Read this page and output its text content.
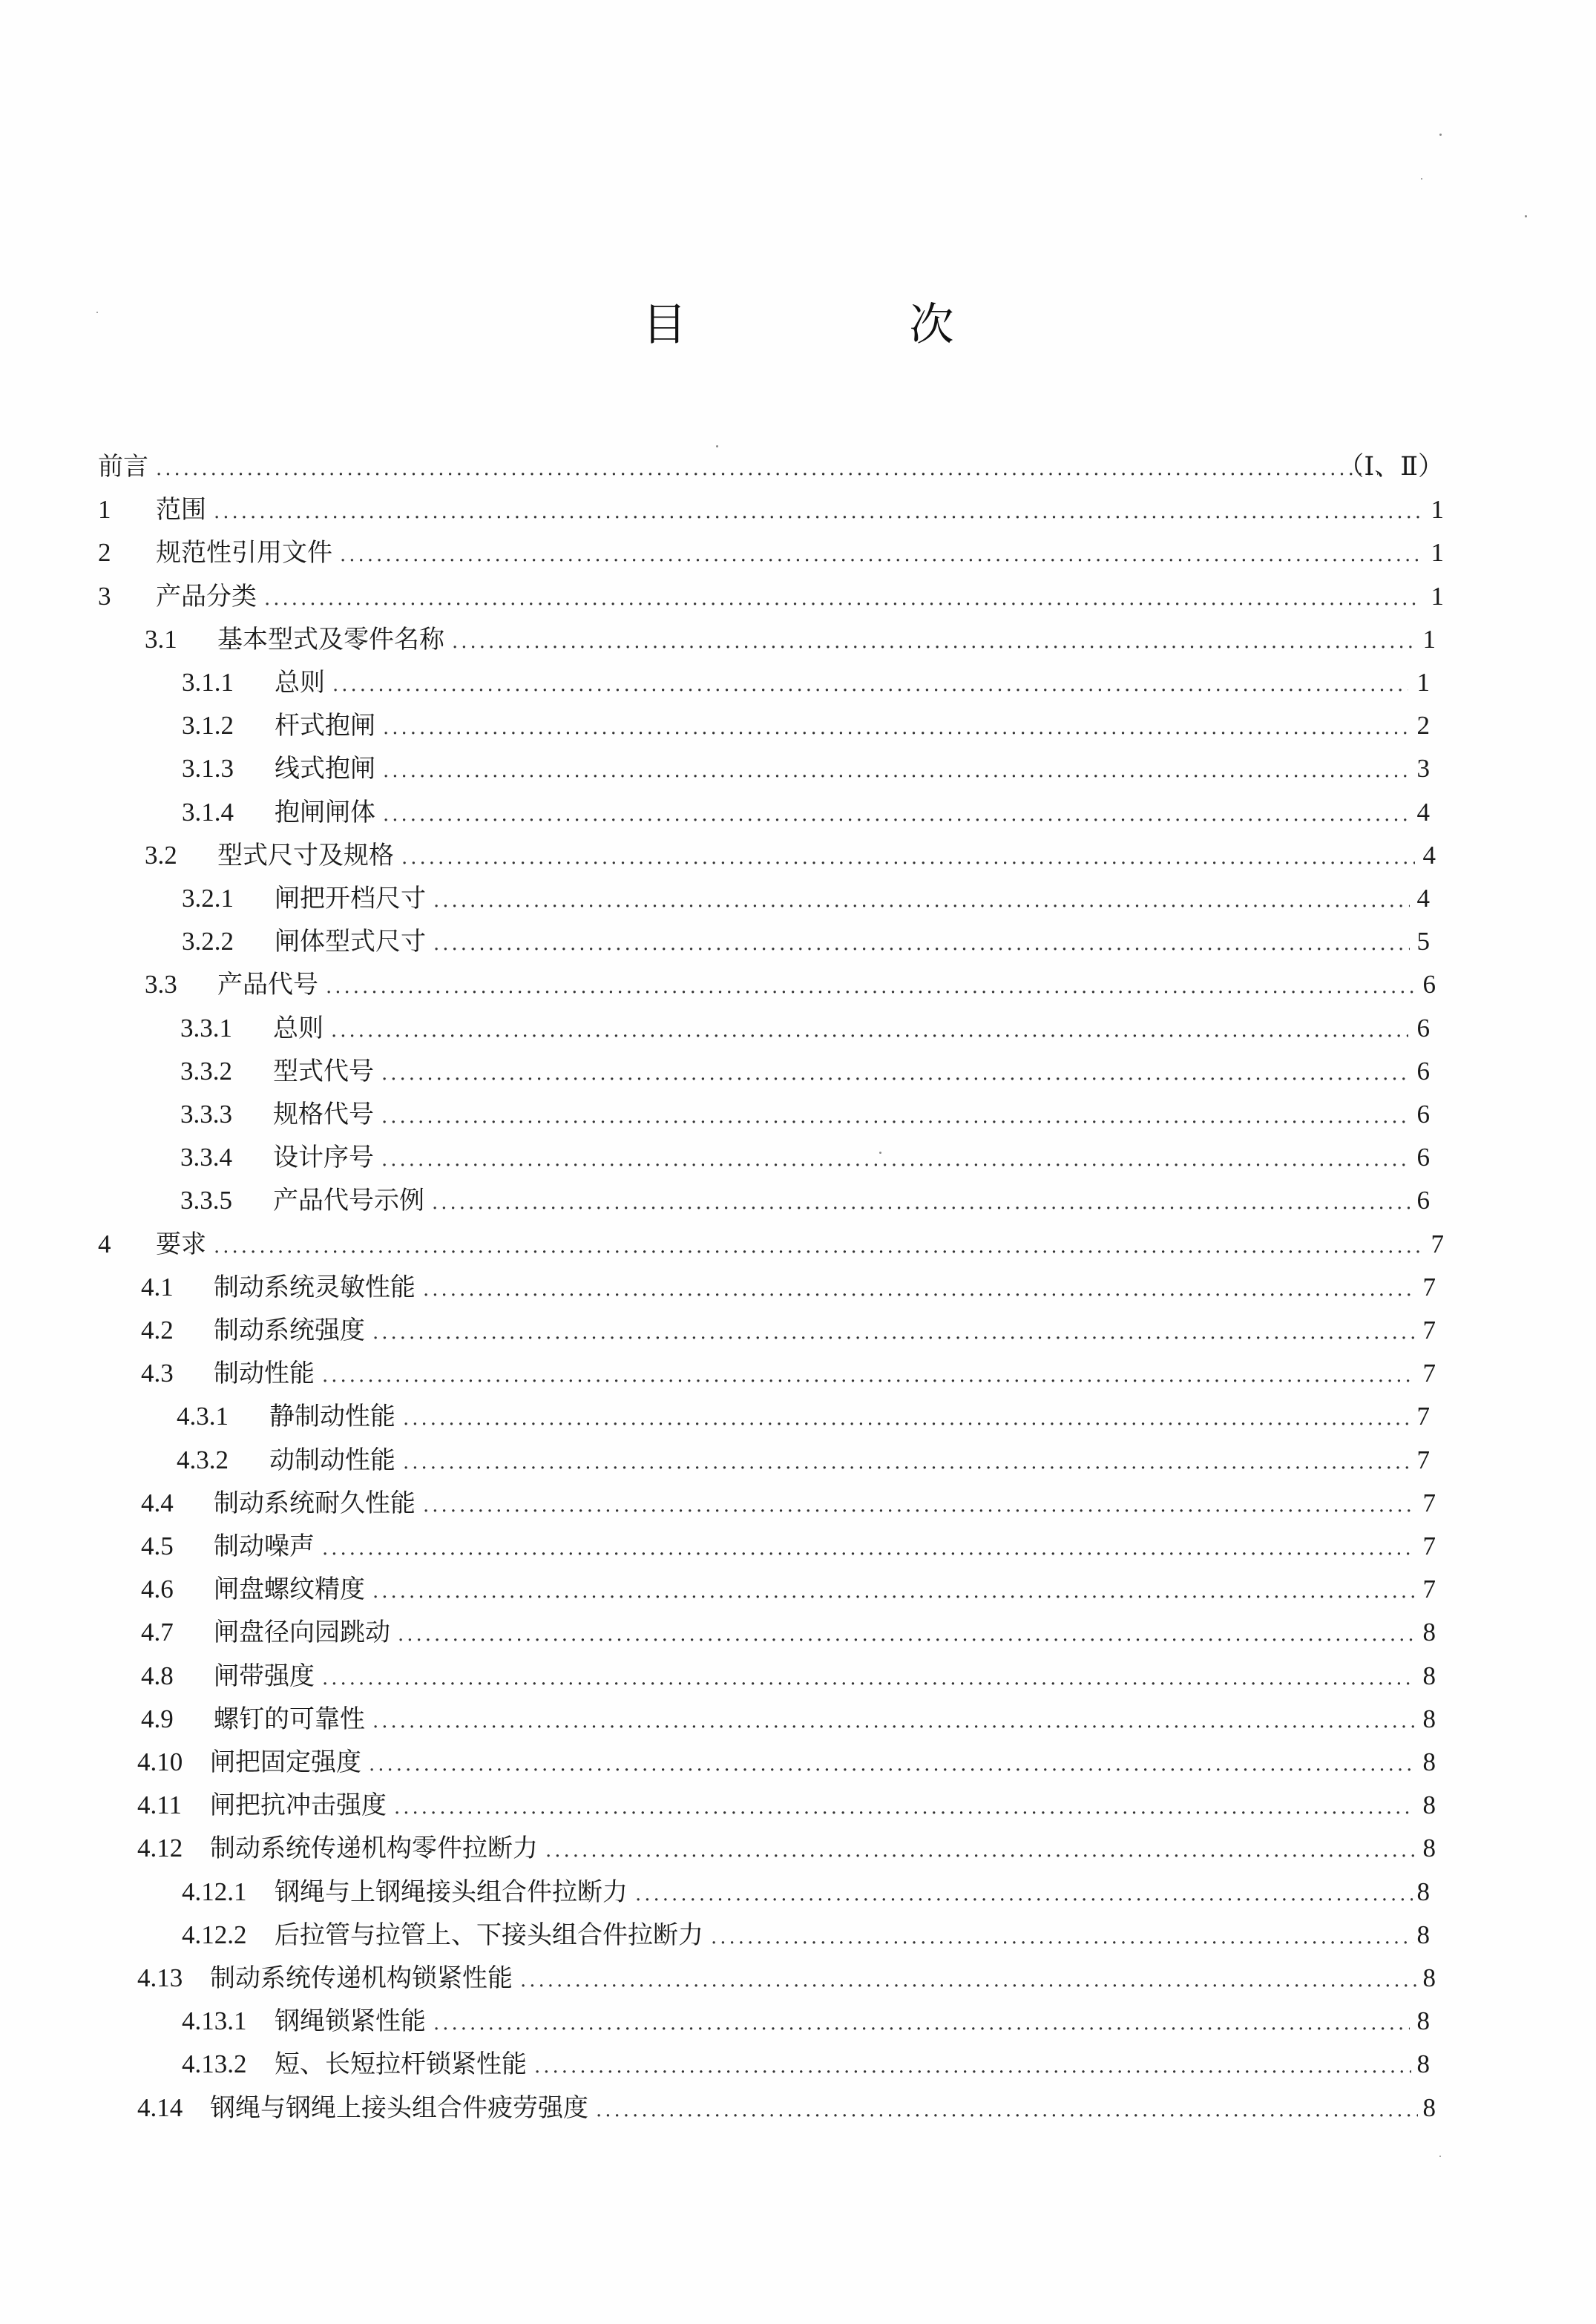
目　次
前言 .....	（Ⅰ、Ⅱ）
1	范围 .....	1
2	规范性引用文件 .....	1
3	产品分类 .....	1
3.1	基本型式及零件名称 .....	1
3.1.1	总则 .....	1
3.1.2	杆式抱闸 .....	2
3.1.3	线式抱闸 .....	3
3.1.4	抱闸闸体 .....	4
3.2	型式尺寸及规格 .....	4
3.2.1	闸把开档尺寸 .....	4
3.2.2	闸体型式尺寸 .....	5
3.3	产品代号 .....	6
3.3.1	总则 .....	6
3.3.2	型式代号 .....	6
3.3.3	规格代号 .....	6
3.3.4	设计序号 .....	6
3.3.5	产品代号示例 .....	6
4	要求 .....	7
4.1	制动系统灵敏性能 .....	7
4.2	制动系统强度 .....	7
4.3	制动性能 .....	7
4.3.1	静制动性能 .....	7
4.3.2	动制动性能 .....	7
4.4	制动系统耐久性能 .....	7
4.5	制动噪声 .....	7
4.6	闸盘螺纹精度 .....	7
4.7	闸盘径向园跳动 .....	8
4.8	闸带强度 .....	8
4.9	螺钉的可靠性 .....	8
4.10	闸把固定强度 .....	8
4.11	闸把抗冲击强度 .....	8
4.12	制动系统传递机构零件拉断力 .....	8
4.12.1	钢绳与上钢绳接头组合件拉断力 .....	8
4.12.2	后拉管与拉管上、下接头组合件拉断力 .....	8
4.13	制动系统传递机构锁紧性能 .....	8
4.13.1	钢绳锁紧性能 .....	8
4.13.2	短、长短拉杆锁紧性能 .....	8
4.14	钢绳与钢绳上接头组合件疲劳强度 .....	8
